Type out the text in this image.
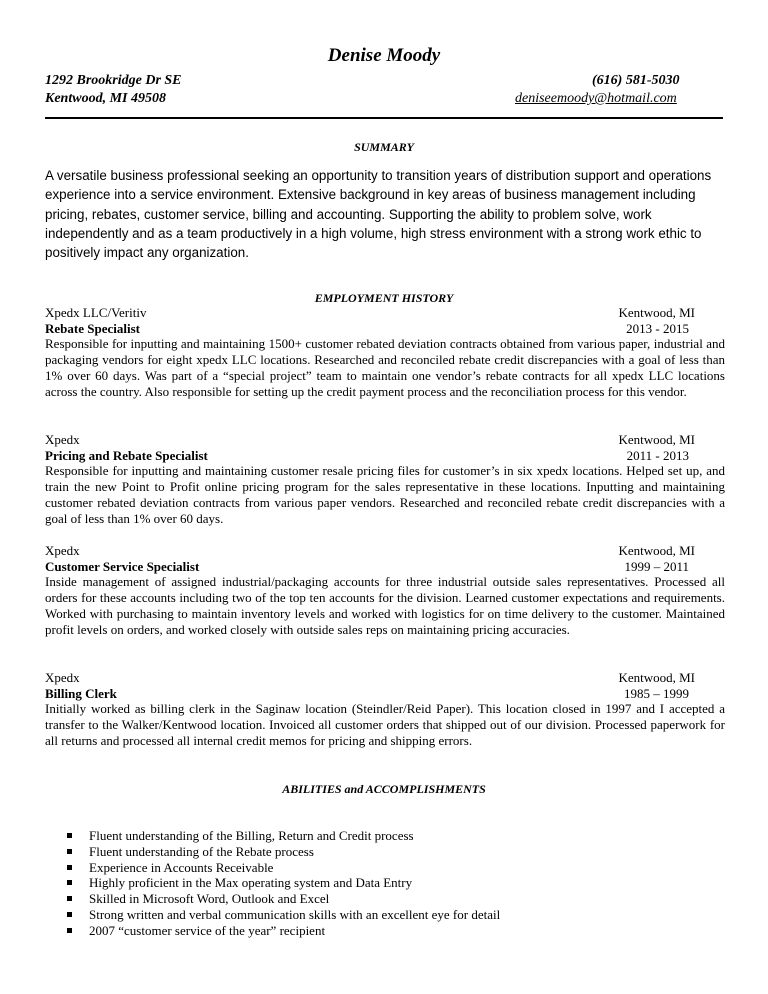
Denise Moody
1292 Brookridge Dr SE
Kentwood, MI 49508
(616) 581-5030
deniseemoody@hotmail.com
SUMMARY
A versatile business professional seeking an opportunity to transition years of distribution support and operations experience into a service environment. Extensive background in key areas of business management including pricing, rebates, customer service, billing and accounting. Supporting the ability to problem solve, work independently and as a team productively in a high volume, high stress environment with a strong work ethic to positively impact any organization.
EMPLOYMENT HISTORY
Xpedx LLC/Veritiv	Kentwood, MI
Rebate Specialist	2013 - 2015
Responsible for inputting and maintaining 1500+ customer rebated deviation contracts obtained from various paper, industrial and packaging vendors for eight xpedx LLC locations. Researched and reconciled rebate credit discrepancies with a goal of less than 1% over 60 days. Was part of a “special project” team to maintain one vendor’s rebate contracts for all xpedx LLC locations across the country. Also responsible for setting up the credit payment process and the reconciliation process for this vendor.
Xpedx	Kentwood, MI
Pricing and Rebate Specialist	2011 - 2013
Responsible for inputting and maintaining customer resale pricing files for customer’s in six xpedx locations. Helped set up, and train the new Point to Profit online pricing program for the sales representative in these locations. Inputting and maintaining customer rebated deviation contracts from various paper vendors. Researched and reconciled rebate credit discrepancies with a goal of less than 1% over 60 days.
Xpedx	Kentwood, MI
Customer Service Specialist	1999 – 2011
Inside management of assigned industrial/packaging accounts for three industrial outside sales representatives. Processed all orders for these accounts including two of the top ten accounts for the division. Learned customer expectations and requirements. Worked with purchasing to maintain inventory levels and worked with logistics for on time delivery to the customer. Maintained profit levels on orders, and worked closely with outside sales reps on maintaining pricing accuracies.
Xpedx	Kentwood, MI
Billing Clerk	1985 – 1999
Initially worked as billing clerk in the Saginaw location (Steindler/Reid Paper). This location closed in 1997 and I accepted a transfer to the Walker/Kentwood location. Invoiced all customer orders that shipped out of our division. Processed paperwork for all returns and processed all internal credit memos for pricing and shipping errors.
ABILITIES and ACCOMPLISHMENTS
Fluent understanding of the Billing, Return and Credit process
Fluent understanding of the Rebate process
Experience in Accounts Receivable
Highly proficient in the Max operating system and Data Entry
Skilled in Microsoft Word, Outlook and Excel
Strong written and verbal communication skills with an excellent eye for detail
2007 “customer service of the year” recipient
